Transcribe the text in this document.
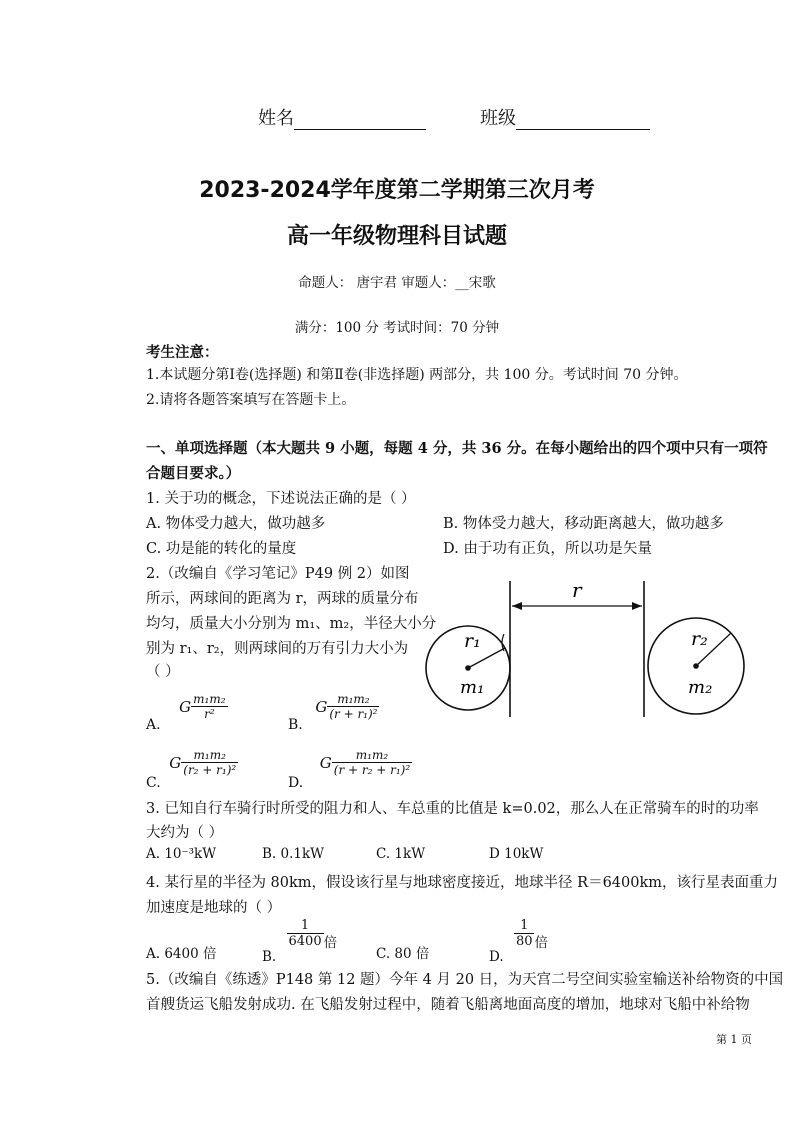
姓名	班级
2023-2024学年度第二学期第三次月考
高一年级物理科目试题
命题人： 唐宇君 审题人：__宋歌
满分：100 分 考试时间：70 分钟
考生注意：
1.本试题分第Ⅰ卷(选择题) 和第Ⅱ卷(非选择题) 两部分，共 100 分。考试时间 70 分钟。
2.请将各题答案填写在答题卡上。
一、单项选择题（本大题共 9 小题，每题 4 分，共 36 分。在每小题给出的四个项中只有一项符
合题目要求。）
1. 关于功的概念，下述说法正确的是（ ）
A. 物体受力越大，做功越多	B. 物体受力越大，移动距离越大，做功越多
C. 功是能的转化的量度	D. 由于功有正负，所以功是矢量
2.（改编自《学习笔记》P49 例 2）如图
所示，两球间的距离为 r，两球的质量分布
均匀，质量大小分别为 m₁、m₂，半径大小分
别为 r₁、r₂，则两球间的万有引力大小为
（ ）
A. G $\frac{\text{m₁m₂}}{\text{r²}}$
B. G $\frac{\text{m₁m₂}}{\text{(r + r₁)²}}$
C. G $\frac{\text{m₁m₂}}{\text{(r₂ + r₁)²}}$
D. G $\frac{\text{m₁m₂}}{\text{(r + r₂ + r₁)²}}$
r
r₁
m₁
r₂
m₂
3. 已知自行车骑行时所受的阻力和人、车总重的比值是 k=0.02，那么人在正常骑车的时的功率
大约为（ ）
A. 10⁻³kW	B. 0.1kW	C. 1kW	D 10kW
4. 某行星的半径为 80km，假设该行星与地球密度接近，地球半径 R＝6400km，该行星表面重力
加速度是地球的（ ）
A. 6400 倍	B.
$\frac{1}{6400}$ 倍
C. 80 倍	D.
$\frac{1}{80}$ 倍
5.（改编自《练透》P148 第 12 题）今年 4 月 20 日，为天宫二号空间实验室输送补给物资的中国
首艘货运飞船发射成功. 在飞船发射过程中，随着飞船离地面高度的增加，地球对飞船中补给物
第 1 页
